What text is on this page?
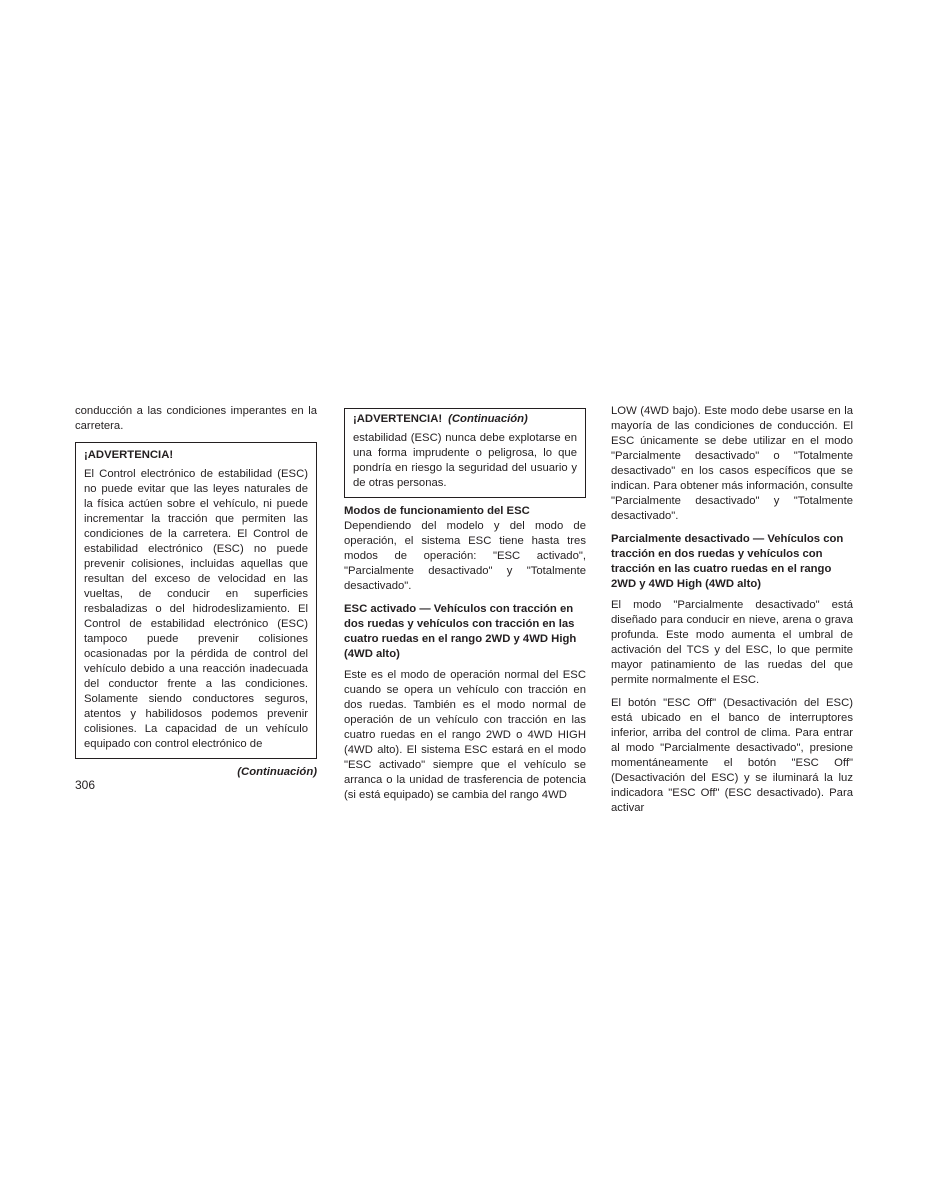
conducción a las condiciones imperantes en la carretera.

¡ADVERTENCIA!

El Control electrónico de estabilidad (ESC) no puede evitar que las leyes naturales de la física actúen sobre el vehículo, ni puede incrementar la tracción que permiten las condiciones de la carretera. El Control de estabilidad electrónico (ESC) no puede prevenir colisiones, incluidas aquellas que resultan del exceso de velocidad en las vueltas, de conducir en superficies resbaladizas o del hidrodeslizamiento. El Control de estabilidad electrónico (ESC) tampoco puede prevenir colisiones ocasionadas por la pérdida de control del vehículo debido a una reacción inadecuada del conductor frente a las condiciones. Solamente siendo conductores seguros, atentos y habilidosos podemos prevenir colisiones. La capacidad de un vehículo equipado con control electrónico de

(Continuación)
¡ADVERTENCIA! (Continuación)

estabilidad (ESC) nunca debe explotarse en una forma imprudente o peligrosa, lo que pondría en riesgo la seguridad del usuario y de otras personas.

Modos de funcionamiento del ESC

Dependiendo del modelo y del modo de operación, el sistema ESC tiene hasta tres modos de operación: "ESC activado", "Parcialmente desactivado" y "Totalmente desactivado".

ESC activado — Vehículos con tracción en dos ruedas y vehículos con tracción en las cuatro ruedas en el rango 2WD y 4WD High (4WD alto)

Este es el modo de operación normal del ESC cuando se opera un vehículo con tracción en dos ruedas. También es el modo normal de operación de un vehículo con tracción en las cuatro ruedas en el rango 2WD o 4WD HIGH (4WD alto). El sistema ESC estará en el modo "ESC activado" siempre que el vehículo se arranca o la unidad de trasferencia de potencia (si está equipado) se cambia del rango 4WD

LOW (4WD bajo). Este modo debe usarse en la mayoría de las condiciones de conducción. El ESC únicamente se debe utilizar en el modo "Parcialmente desactivado" o "Totalmente desactivado" en los casos específicos que se indican. Para obtener más información, consulte "Parcialmente desactivado" y "Totalmente desactivado".

Parcialmente desactivado — Vehículos con tracción en dos ruedas y vehículos con tracción en las cuatro ruedas en el rango 2WD y 4WD High (4WD alto)

El modo "Parcialmente desactivado" está diseñado para conducir en nieve, arena o grava profunda. Este modo aumenta el umbral de activación del TCS y del ESC, lo que permite mayor patinamiento de las ruedas del que permite normalmente el ESC.

El botón "ESC Off" (Desactivación del ESC) está ubicado en el banco de interruptores inferior, arriba del control de clima. Para entrar al modo "Parcialmente desactivado", presione momentáneamente el botón "ESC Off" (Desactivación del ESC) y se iluminará la luz indicadora "ESC Off" (ESC desactivado). Para activar

306
